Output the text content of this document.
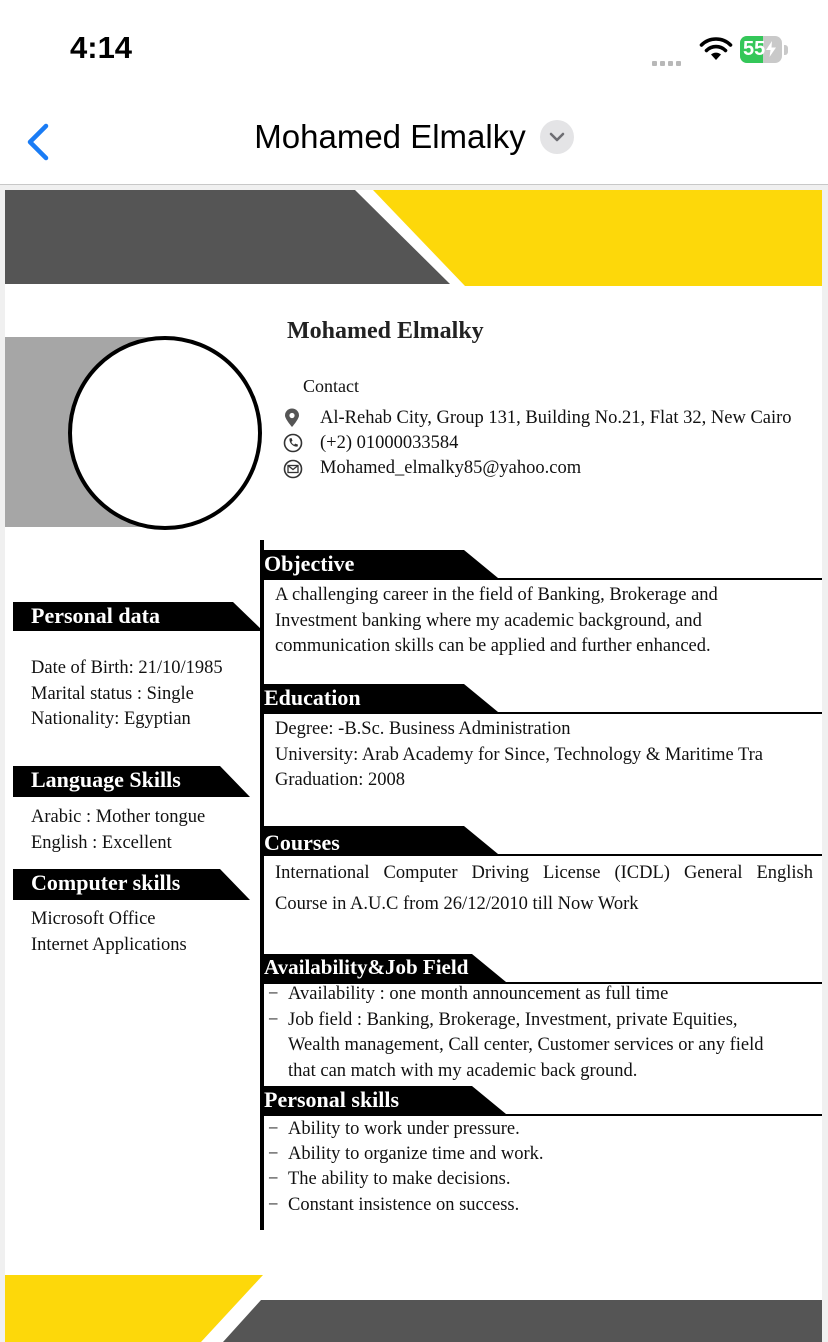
4:14	55
Mohamed Elmalky
Mohamed Elmalky
Contact
Al-Rehab City, Group 131, Building No.21, Flat 32, New Cairo
(+2) 01000033584
Mohamed_elmalky85@yahoo.com
Personal data
Date of Birth: 21/10/1985
Marital status : Single
Nationality: Egyptian
Language Skills
Arabic : Mother tongue
English : Excellent
Computer skills
Microsoft Office
Internet Applications
Objective
A challenging career in the field of Banking, Brokerage and
Investment banking where my academic background, and
communication skills can be applied and further enhanced.
Education
Degree: -B.Sc. Business Administration
University: Arab Academy for Since, Technology & Maritime Tra
Graduation: 2008
Courses
International Computer Driving License (ICDL) General English
Course in A.U.C from 26/12/2010 till Now Work
Availability&Job Field
− Availability : one month announcement as full time
− Job field : Banking, Brokerage, Investment, private Equities,
Wealth management, Call center, Customer services or any field
that can match with my academic back ground.
Personal skills
− Ability to work under pressure.
− Ability to organize time and work.
− The ability to make decisions.
− Constant insistence on success.
